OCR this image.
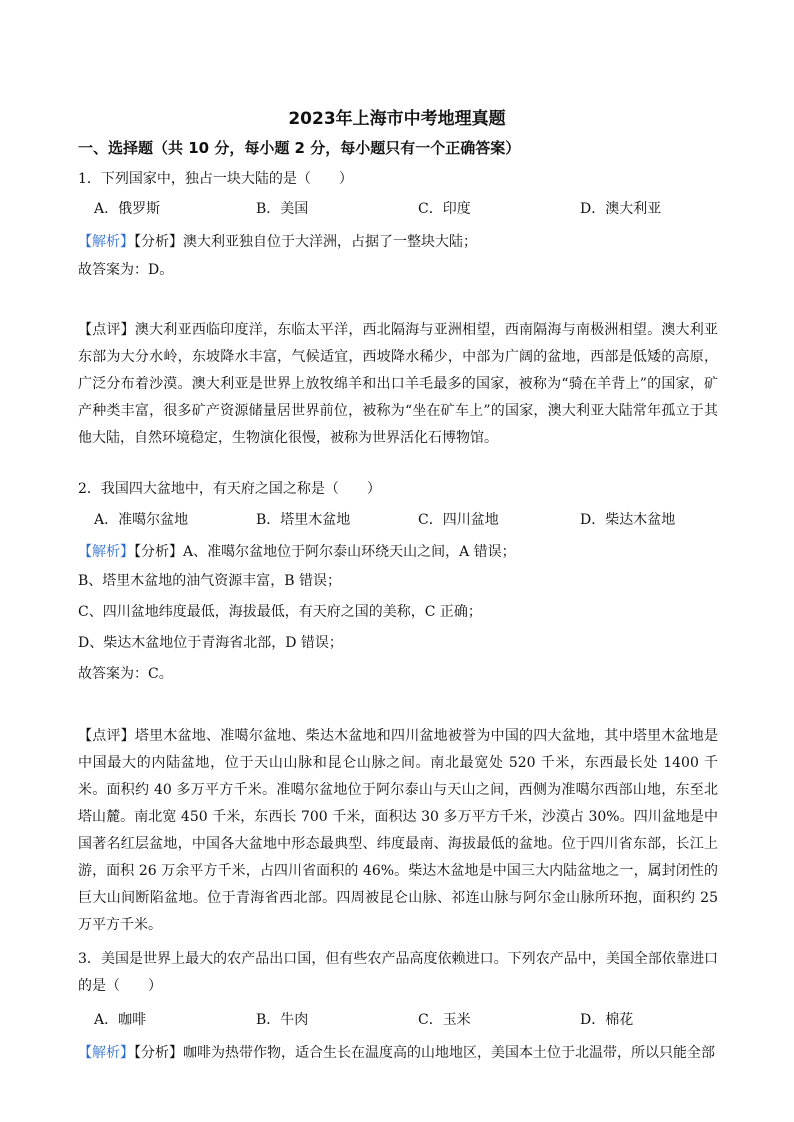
2023年上海市中考地理真题
一、选择题（共 10 分，每小题 2 分，每小题只有一个正确答案）
1．下列国家中，独占一块大陆的是（　　）
A．俄罗斯	B．美国	C．印度	D．澳大利亚
【解析】【分析】澳大利亚独自位于大洋洲，占据了一整块大陆；
故答案为：D。
【点评】澳大利亚西临印度洋，东临太平洋，西北隔海与亚洲相望，西南隔海与南极洲相望。澳大利亚东部为大分水岭，东坡降水丰富，气候适宜，西坡降水稀少，中部为广阔的盆地，西部是低矮的高原，广泛分布着沙漠。澳大利亚是世界上放牧绵羊和出口羊毛最多的国家，被称为“骑在羊背上”的国家，矿产种类丰富，很多矿产资源储量居世界前位，被称为“坐在矿车上”的国家，澳大利亚大陆常年孤立于其他大陆，自然环境稳定，生物演化很慢，被称为世界活化石博物馆。
2．我国四大盆地中，有天府之国之称是（　　）
A．准噶尔盆地	B．塔里木盆地	C．四川盆地	D．柴达木盆地
【解析】【分析】A、准噶尔盆地位于阿尔泰山环绕天山之间，A 错误；
B、塔里木盆地的油气资源丰富，B 错误；
C、四川盆地纬度最低，海拔最低，有天府之国的美称，C 正确；
D、柴达木盆地位于青海省北部，D 错误；
故答案为：C。
【点评】塔里木盆地、准噶尔盆地、柴达木盆地和四川盆地被誉为中国的四大盆地，其中塔里木盆地是中国最大的内陆盆地，位于天山山脉和昆仑山脉之间。南北最宽处 520 千米，东西最长处 1400 千米。面积约 40 多万平方千米。准噶尔盆地位于阿尔泰山与天山之间，西侧为准噶尔西部山地，东至北塔山麓。南北宽 450 千米，东西长 700 千米，面积达 30 多万平方千米，沙漠占 30%。四川盆地是中国著名红层盆地，中国各大盆地中形态最典型、纬度最南、海拔最低的盆地。位于四川省东部，长江上游，面积 26 万余平方千米，占四川省面积的 46%。柴达木盆地是中国三大内陆盆地之一，属封闭性的巨大山间断陷盆地。位于青海省西北部。四周被昆仑山脉、祁连山脉与阿尔金山脉所环抱，面积约 25 万平方千米。
3．美国是世界上最大的农产品出口国，但有些农产品高度依赖进口。下列农产品中，美国全部依靠进口的是（　　）
A．咖啡	B．牛肉	C．玉米	D．棉花
【解析】【分析】咖啡为热带作物，适合生长在温度高的山地地区，美国本土位于北温带，所以只能全部
